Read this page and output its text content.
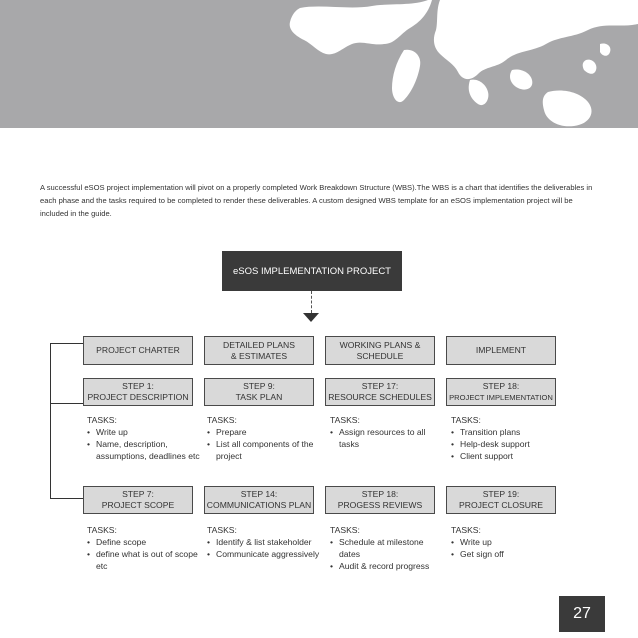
A successful eSOS project implementation will pivot on a properly completed Work Breakdown Structure (WBS).The WBS is a chart that identifies the deliverables in each phase and the tasks required to be completed to render these deliverables. A custom designed WBS template for an eSOS implementation project will be included in the guide.

eSOS IMPLEMENTATION PROJECT
PROJECT CHARTER
DETAILED PLANS
& ESTIMATES
WORKING PLANS &
SCHEDULE
IMPLEMENT
STEP 1:
PROJECT DESCRIPTION
STEP 9:
TASK PLAN
STEP 17:
RESOURCE SCHEDULES
STEP 18:
PROJECT IMPLEMENTATION
TASKS:
• Write up
• Name, description, assumptions, deadlines etc
TASKS:
• Prepare
• List all components of the project
TASKS:
• Assign resources to all tasks
TASKS:
• Transition plans
• Help-desk support
• Client support
STEP 7:
PROJECT SCOPE
STEP 14:
COMMUNICATIONS PLAN
STEP 18:
PROGESS REVIEWS
STEP 19:
PROJECT CLOSURE
TASKS:
• Define scope
• define what is out of scope etc
TASKS:
• Identify & list stakeholder
• Communicate aggressively
TASKS:
• Schedule at milestone dates
• Audit & record progress
TASKS:
• Write up
• Get sign off
27
